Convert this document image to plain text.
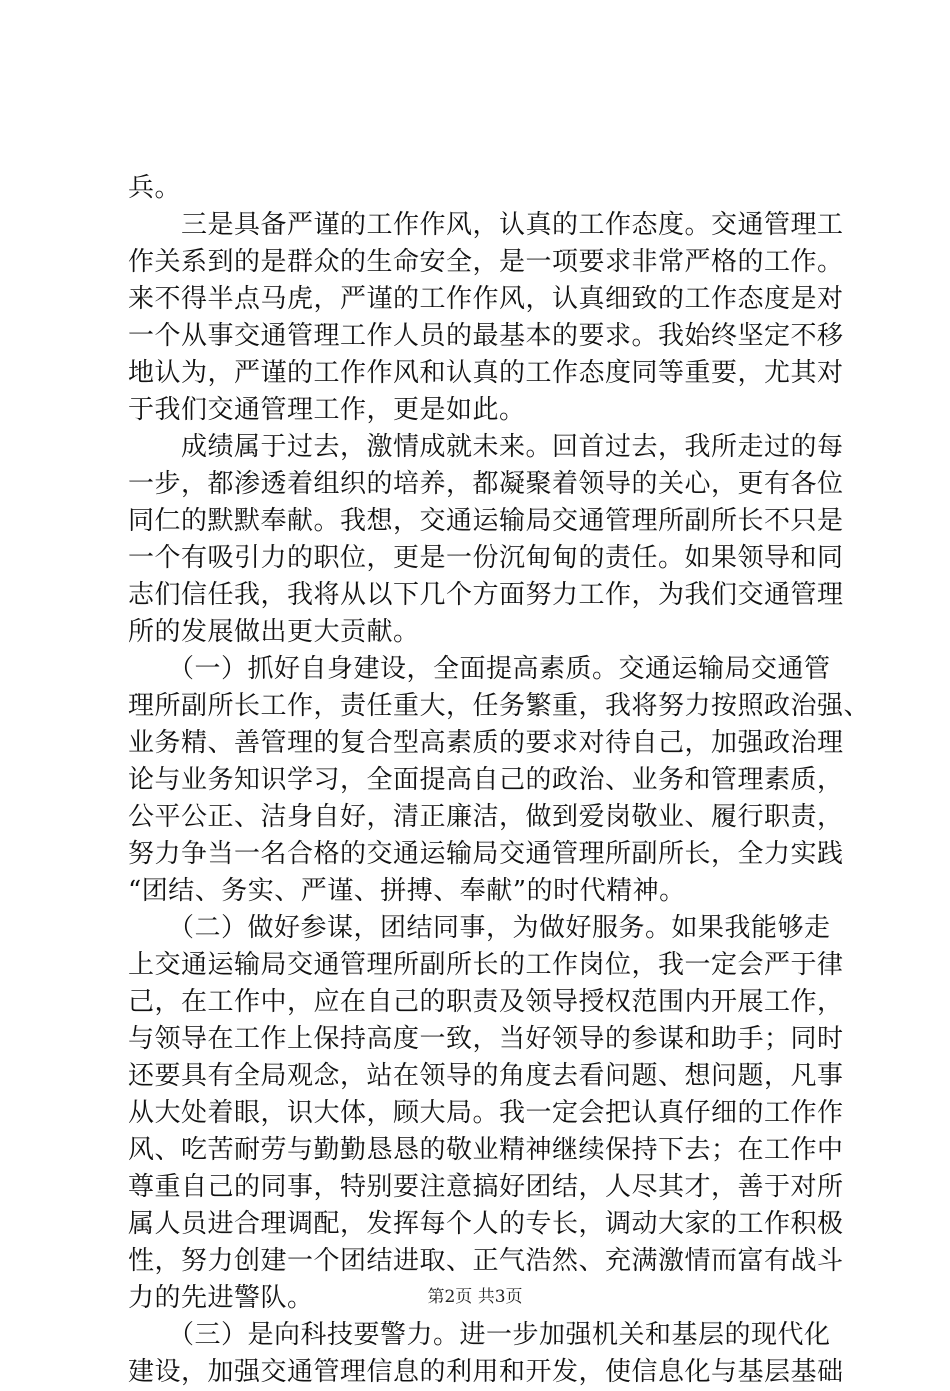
兵。
　　三是具备严谨的工作作风，认真的工作态度。交通管理工
作关系到的是群众的生命安全，是一项要求非常严格的工作。
来不得半点马虎，严谨的工作作风，认真细致的工作态度是对
一个从事交通管理工作人员的最基本的要求。我始终坚定不移
地认为，严谨的工作作风和认真的工作态度同等重要，尤其对
于我们交通管理工作，更是如此。
　　成绩属于过去，激情成就未来。回首过去，我所走过的每
一步，都渗透着组织的培养，都凝聚着领导的关心，更有各位
同仁的默默奉献。我想，交通运输局交通管理所副所长不只是
一个有吸引力的职位，更是一份沉甸甸的责任。如果领导和同
志们信任我，我将从以下几个方面努力工作，为我们交通管理
所的发展做出更大贡献。
　　（一）抓好自身建设，全面提高素质。交通运输局交通管
理所副所长工作，责任重大，任务繁重，我将努力按照政治强、
业务精、善管理的复合型高素质的要求对待自己，加强政治理
论与业务知识学习，全面提高自己的政治、业务和管理素质，
公平公正、洁身自好，清正廉洁，做到爱岗敬业、履行职责，
努力争当一名合格的交通运输局交通管理所副所长，全力实践
“团结、务实、严谨、拼搏、奉献”的时代精神。
　　（二）做好参谋，团结同事，为做好服务。如果我能够走
上交通运输局交通管理所副所长的工作岗位，我一定会严于律
己，在工作中，应在自己的职责及领导授权范围内开展工作，
与领导在工作上保持高度一致，当好领导的参谋和助手；同时
还要具有全局观念，站在领导的角度去看问题、想问题，凡事
从大处着眼，识大体，顾大局。我一定会把认真仔细的工作作
风、吃苦耐劳与勤勤恳恳的敬业精神继续保持下去；在工作中
尊重自己的同事，特别要注意搞好团结，人尽其才，善于对所
属人员进合理调配，发挥每个人的专长，调动大家的工作积极
性，努力创建一个团结进取、正气浩然、充满激情而富有战斗
力的先进警队。
　　（三）是向科技要警力。进一步加强机关和基层的现代化
建设，加强交通管理信息的利用和开发，使信息化与基层基础
第2页 共3页
